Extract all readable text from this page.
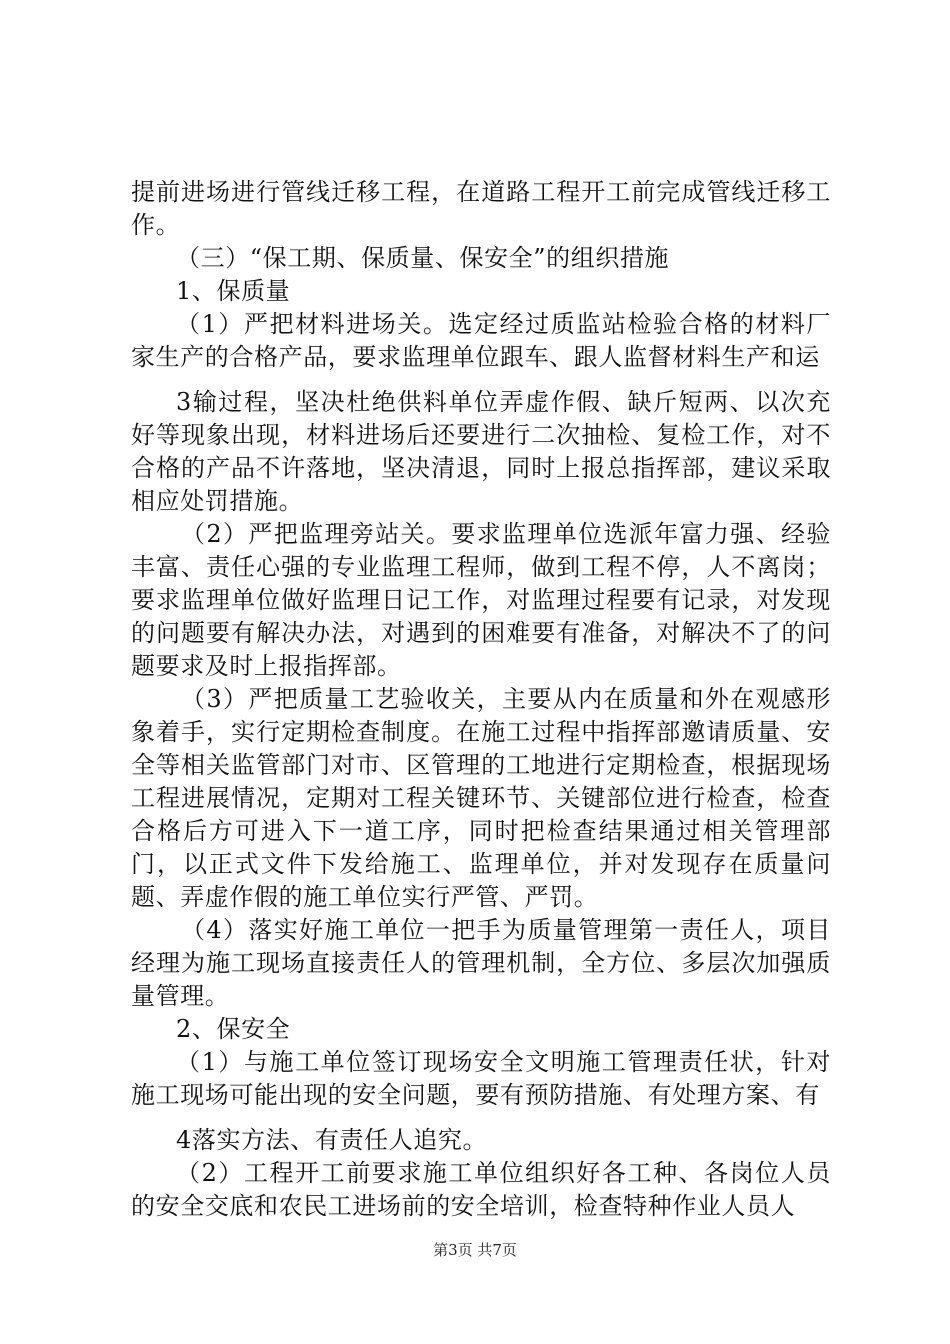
提前进场进行管线迁移工程，在道路工程开工前完成管线迁移工作。

（三）“保工期、保质量、保安全”的组织措施

1、保质量

（1）严把材料进场关。选定经过质监站检验合格的材料厂家生产的合格产品，要求监理单位跟车、跟人监督材料生产和运

3输过程，坚决杜绝供料单位弄虚作假、缺斤短两、以次充好等现象出现，材料进场后还要进行二次抽检、复检工作，对不合格的产品不许落地，坚决清退，同时上报总指挥部，建议采取相应处罚措施。

（2）严把监理旁站关。要求监理单位选派年富力强、经验丰富、责任心强的专业监理工程师，做到工程不停，人不离岗；要求监理单位做好监理日记工作，对监理过程要有记录，对发现的问题要有解决办法，对遇到的困难要有准备，对解决不了的问题要求及时上报指挥部。

（3）严把质量工艺验收关，主要从内在质量和外在观感形象着手，实行定期检查制度。在施工过程中指挥部邀请质量、安全等相关监管部门对市、区管理的工地进行定期检查，根据现场工程进展情况，定期对工程关键环节、关键部位进行检查，检查合格后方可进入下一道工序，同时把检查结果通过相关管理部门，以正式文件下发给施工、监理单位，并对发现存在质量问题、弄虚作假的施工单位实行严管、严罚。

（4）落实好施工单位一把手为质量管理第一责任人，项目经理为施工现场直接责任人的管理机制，全方位、多层次加强质量管理。

2、保安全

（1）与施工单位签订现场安全文明施工管理责任状，针对施工现场可能出现的安全问题，要有预防措施、有处理方案、有

4落实方法、有责任人追究。

（2）工程开工前要求施工单位组织好各工种、各岗位人员的安全交底和农民工进场前的安全培训，检查特种作业人员人

第3页 共7页
